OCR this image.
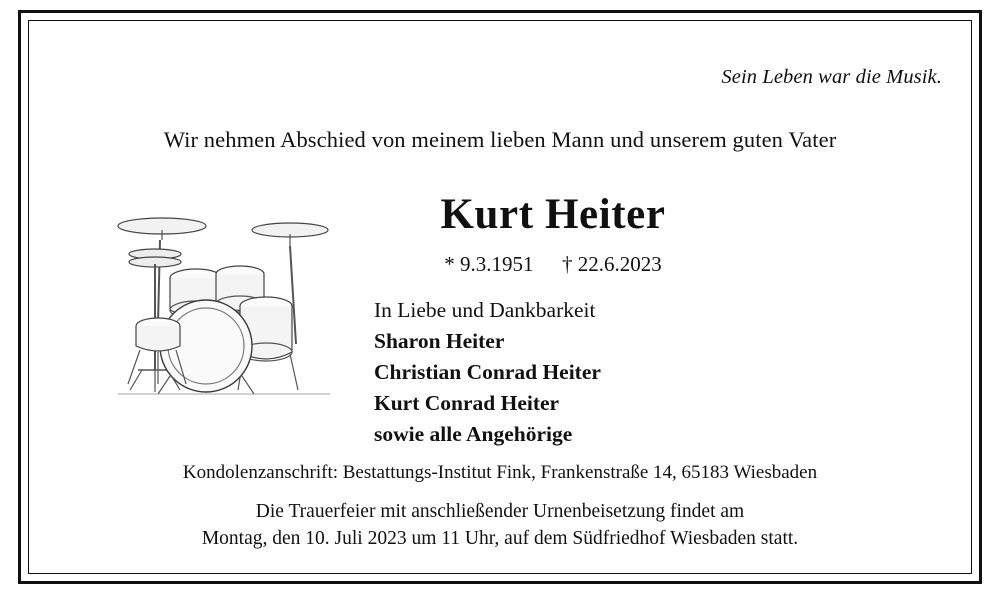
Sein Leben war die Musik.
Wir nehmen Abschied von meinem lieben Mann und unserem guten Vater
Kurt Heiter
* 9.3.1951 † 22.6.2023
In Liebe und Dankbarkeit
Sharon Heiter
Christian Conrad Heiter
Kurt Conrad Heiter
sowie alle Angehörige
Kondolenzanschrift: Bestattungs-Institut Fink, Frankenstraße 14, 65183 Wiesbaden
Die Trauerfeier mit anschließender Urnenbeisetzung findet am
Montag, den 10. Juli 2023 um 11 Uhr, auf dem Südfriedhof Wiesbaden statt.
